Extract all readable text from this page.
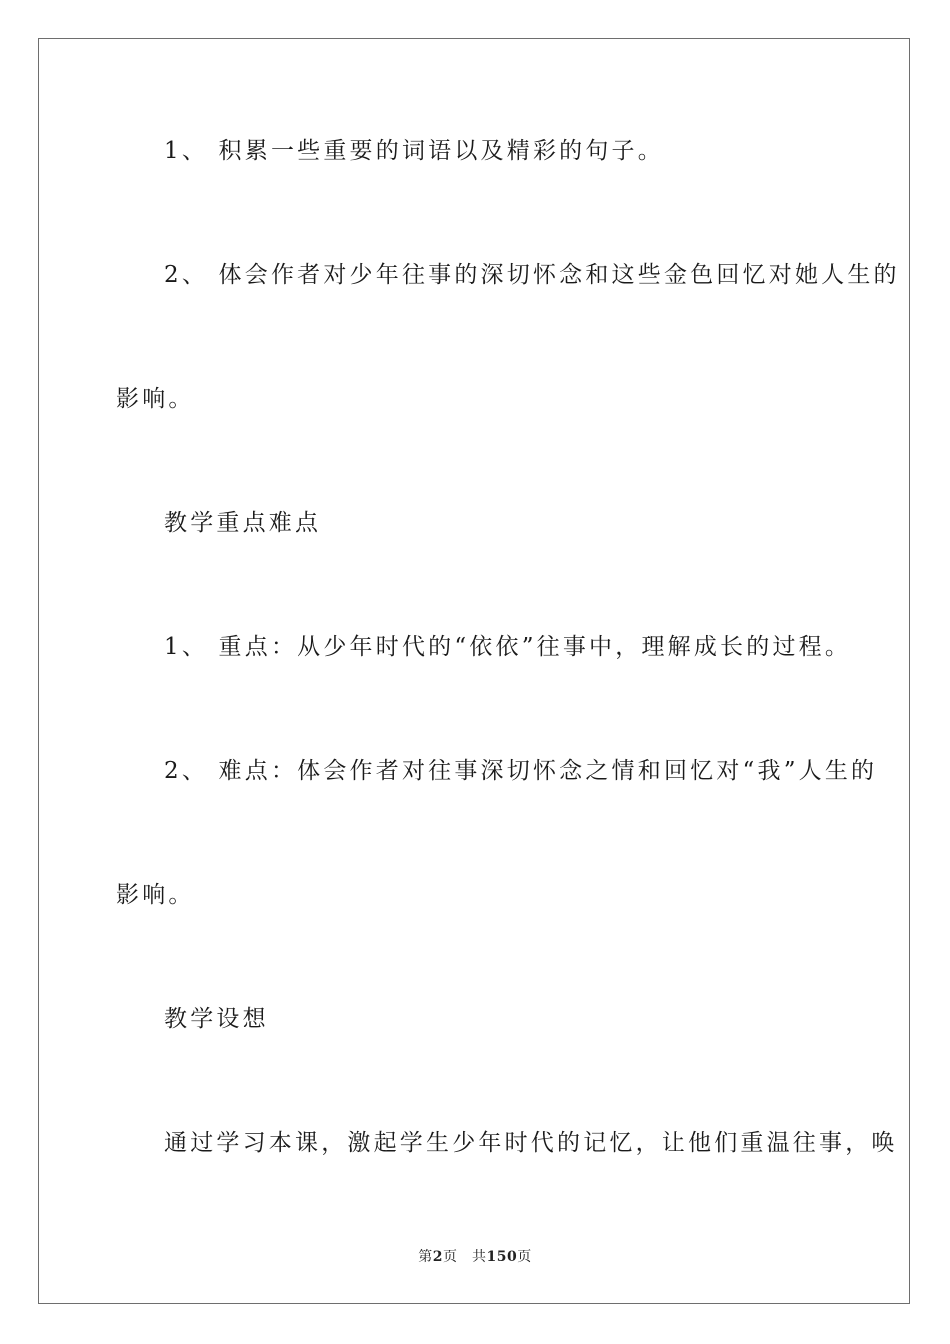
1、 积累一些重要的词语以及精彩的句子。
2、 体会作者对少年往事的深切怀念和这些金色回忆对她人生的
影响。
教学重点难点
1、 重点：从少年时代的“依依”往事中，理解成长的过程。
2、 难点：体会作者对往事深切怀念之情和回忆对“我”人生的
影响。
教学设想
通过学习本课，激起学生少年时代的记忆，让他们重温往事，唤
第2页　共150页
